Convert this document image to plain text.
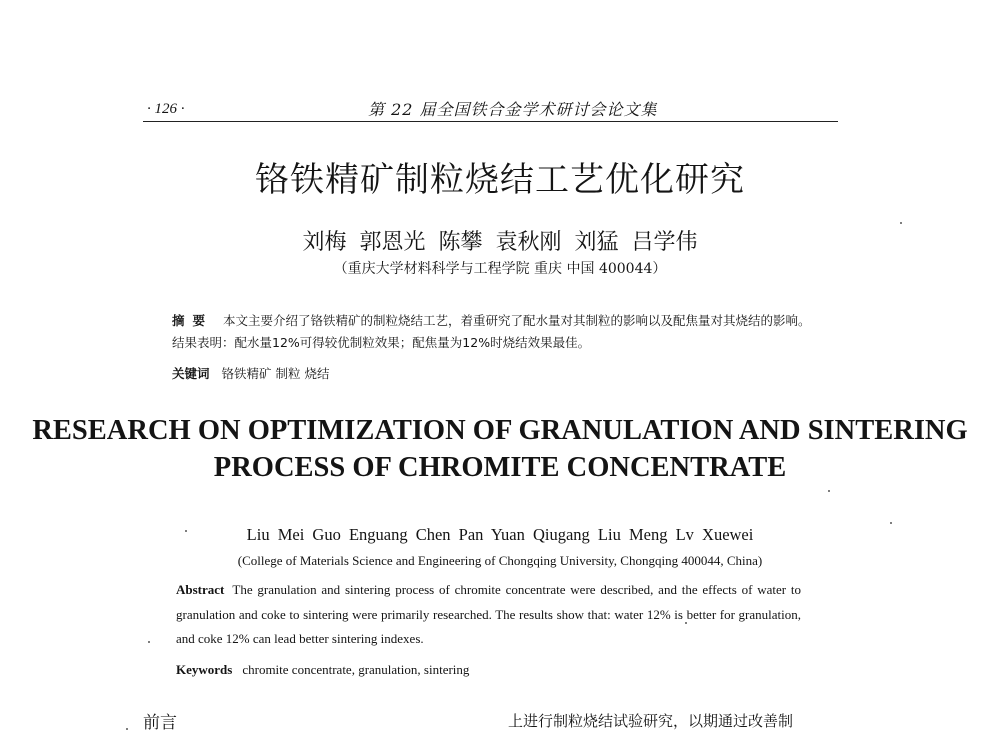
· 126 ·	第 22 届全国铁合金学术研讨会论文集
铬铁精矿制粒烧结工艺优化研究
刘梅 郭恩光 陈攀 袁秋刚 刘猛 吕学伟
（重庆大学材料科学与工程学院 重庆 中国 400044）
摘要 本文主要介绍了铬铁精矿的制粒烧结工艺，着重研究了配水量对其制粒的影响以及配焦量对其烧结的影响。结果表明：配水量12%可得较优制粒效果；配焦量为12%时烧结效果最佳。
关键词 铬铁精矿 制粒 烧结
RESEARCH ON OPTIMIZATION OF GRANULATION AND SINTERING PROCESS OF CHROMITE CONCENTRATE
Liu Mei Guo Enguang Chen Pan Yuan Qiugang Liu Meng Lv Xuewei
(College of Materials Science and Engineering of Chongqing University, Chongqing 400044, China)
Abstract The granulation and sintering process of chromite concentrate were described, and the effects of water to granulation and coke to sintering were primarily researched. The results show that: water 12% is better for granulation, and coke 12% can lead better sintering indexes.
Keywords chromite concentrate, granulation, sintering
前言	上进行制粒烧结试验研究，以期通过改善制
